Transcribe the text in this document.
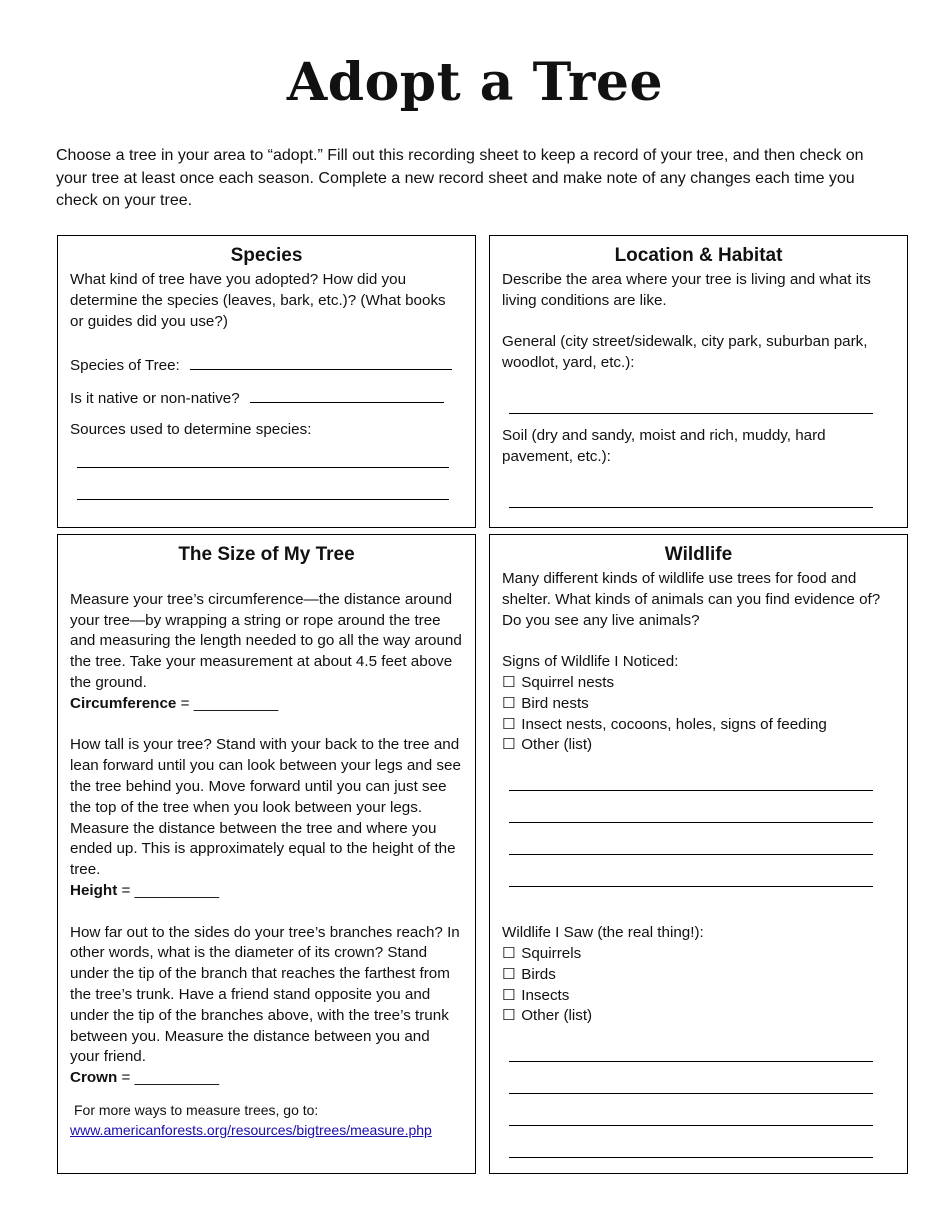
Adopt a Tree

Choose a tree in your area to “adopt.” Fill out this recording sheet to keep a record of your tree, and then check on your tree at least once each season. Complete a new record sheet and make note of any changes each time you check on your tree.

Species

What kind of tree have you adopted? How did you determine the species (leaves, bark, etc.)? (What books or guides did you use?)

Species of Tree:
Is it native or non-native?
Sources used to determine species:
Location & Habitat

Describe the area where your tree is living and what its living conditions are like.

General (city street/sidewalk, city park, suburban park, woodlot, yard, etc.):

Soil (dry and sandy, moist and rich, muddy, hard pavement, etc.):

The Size of My Tree

Measure your tree’s circumference—the distance around your tree—by wrapping a string or rope around the tree and measuring the length needed to go all the way around the tree. Take your measurement at about 4.5 feet above the ground.

Circumference = __________

How tall is your tree? Stand with your back to the tree and lean forward until you can look between your legs and see the tree behind you. Move forward until you can just see the top of the tree when you look between your legs. Measure the distance between the tree and where you ended up. This is approximately equal to the height of the tree.

Height = __________

How far out to the sides do your tree’s branches reach? In other words, what is the diameter of its crown? Stand under the tip of the branch that reaches the farthest from the tree’s trunk. Have a friend stand opposite you and under the tip of the branches above, with the tree’s trunk between you. Measure the distance between you and your friend.

Crown = __________

For more ways to measure trees, go to:

www.americanforests.org/resources/bigtrees/measure.php

Wildlife

Many different kinds of wildlife use trees for food and shelter. What kinds of animals can you find evidence of? Do you see any live animals?

Signs of Wildlife I Noticed:

☐ Squirrel nests
☐ Bird nests
☐ Insect nests, cocoons, holes, signs of feeding
☐ Other (list)

Wildlife I Saw (the real thing!):

☐ Squirrels
☐ Birds
☐ Insects
☐ Other (list)
